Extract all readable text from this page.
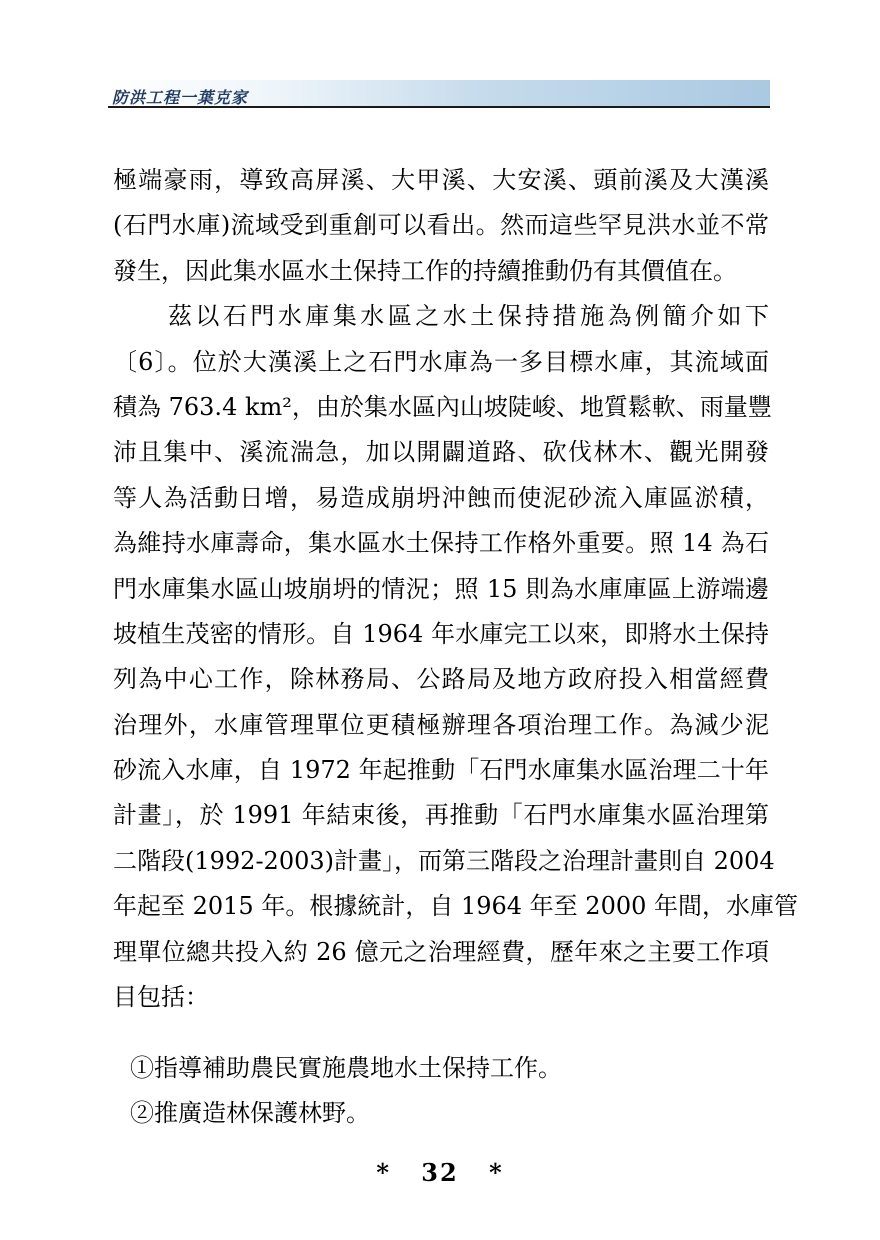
防洪工程一葉克家
極端豪雨，導致高屏溪、大甲溪、大安溪、頭前溪及大漢溪
(石門水庫)流域受到重創可以看出。然而這些罕見洪水並不常
發生，因此集水區水土保持工作的持續推動仍有其價值在。
　　茲以石門水庫集水區之水土保持措施為例簡介如下
〔6〕。位於大漢溪上之石門水庫為一多目標水庫，其流域面
積為 763.4 km²，由於集水區內山坡陡峻、地質鬆軟、雨量豐
沛且集中、溪流湍急，加以開闢道路、砍伐林木、觀光開發
等人為活動日增，易造成崩坍沖蝕而使泥砂流入庫區淤積，
為維持水庫壽命，集水區水土保持工作格外重要。照 14 為石
門水庫集水區山坡崩坍的情況；照 15 則為水庫庫區上游端邊
坡植生茂密的情形。自 1964 年水庫完工以來，即將水土保持
列為中心工作，除林務局、公路局及地方政府投入相當經費
治理外，水庫管理單位更積極辦理各項治理工作。為減少泥
砂流入水庫，自 1972 年起推動「石門水庫集水區治理二十年
計畫」，於 1991 年結束後，再推動「石門水庫集水區治理第
二階段(1992-2003)計畫」，而第三階段之治理計畫則自 2004
年起至 2015 年。根據統計，自 1964 年至 2000 年間，水庫管
理單位總共投入約 26 億元之治理經費，歷年來之主要工作項
目包括：
①指導補助農民實施農地水土保持工作。
②推廣造林保護林野。
* 32 *
